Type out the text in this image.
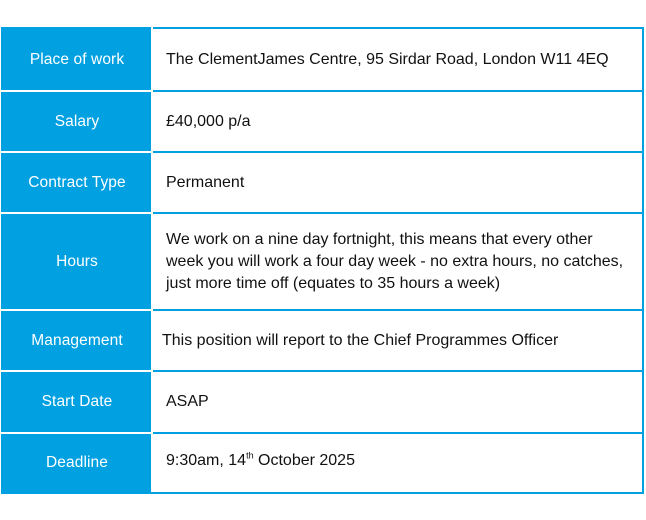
Place of work	The ClementJames Centre, 95 Sirdar Road, London W11 4EQ
Salary	£40,000 p/a
Contract Type	Permanent
Hours	We work on a nine day fortnight, this means that every other week you will work a four day week - no extra hours, no catches, just more time off (equates to 35 hours a week)
Management	This position will report to the Chief Programmes Officer
Start Date	ASAP
Deadline	9:30am, 14th October 2025
